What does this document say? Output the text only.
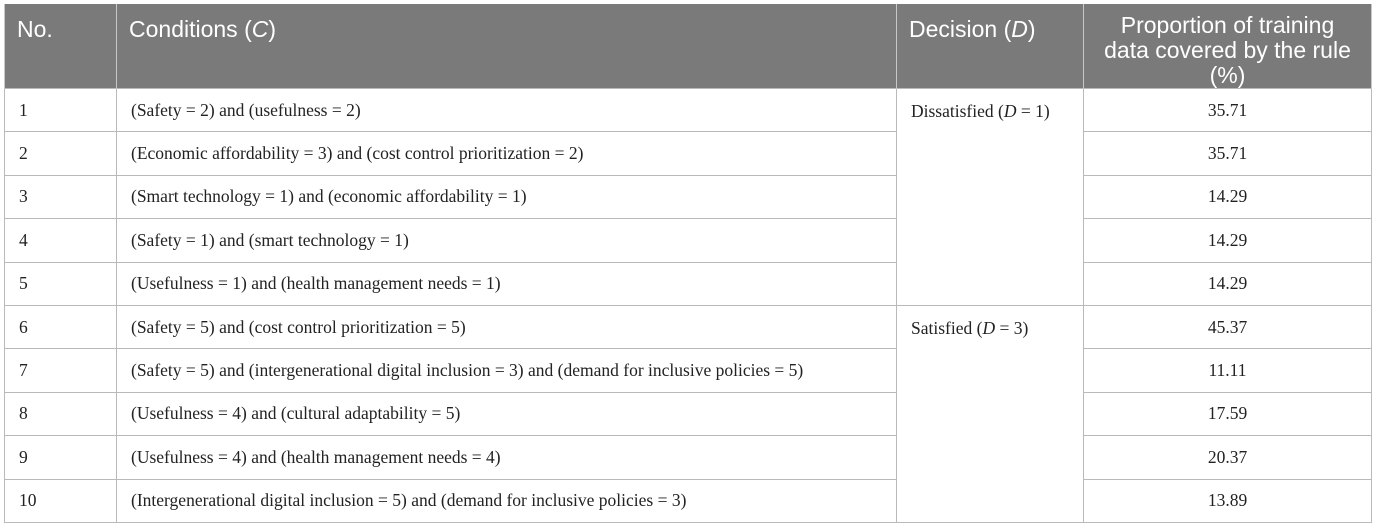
No.	Conditions (C)	Decision (D)	Proportion of training data covered by the rule (%)
1	(Safety = 2) and (usefulness = 2)	Dissatisfied (D = 1)	35.71
2	(Economic affordability = 3) and (cost control prioritization = 2)		35.71
3	(Smart technology = 1) and (economic affordability = 1)		14.29
4	(Safety = 1) and (smart technology = 1)		14.29
5	(Usefulness = 1) and (health management needs = 1)		14.29
6	(Safety = 5) and (cost control prioritization = 5)	Satisfied (D = 3)	45.37
7	(Safety = 5) and (intergenerational digital inclusion = 3) and (demand for inclusive policies = 5)		11.11
8	(Usefulness = 4) and (cultural adaptability = 5)		17.59
9	(Usefulness = 4) and (health management needs = 4)		20.37
10	(Intergenerational digital inclusion = 5) and (demand for inclusive policies = 3)		13.89
